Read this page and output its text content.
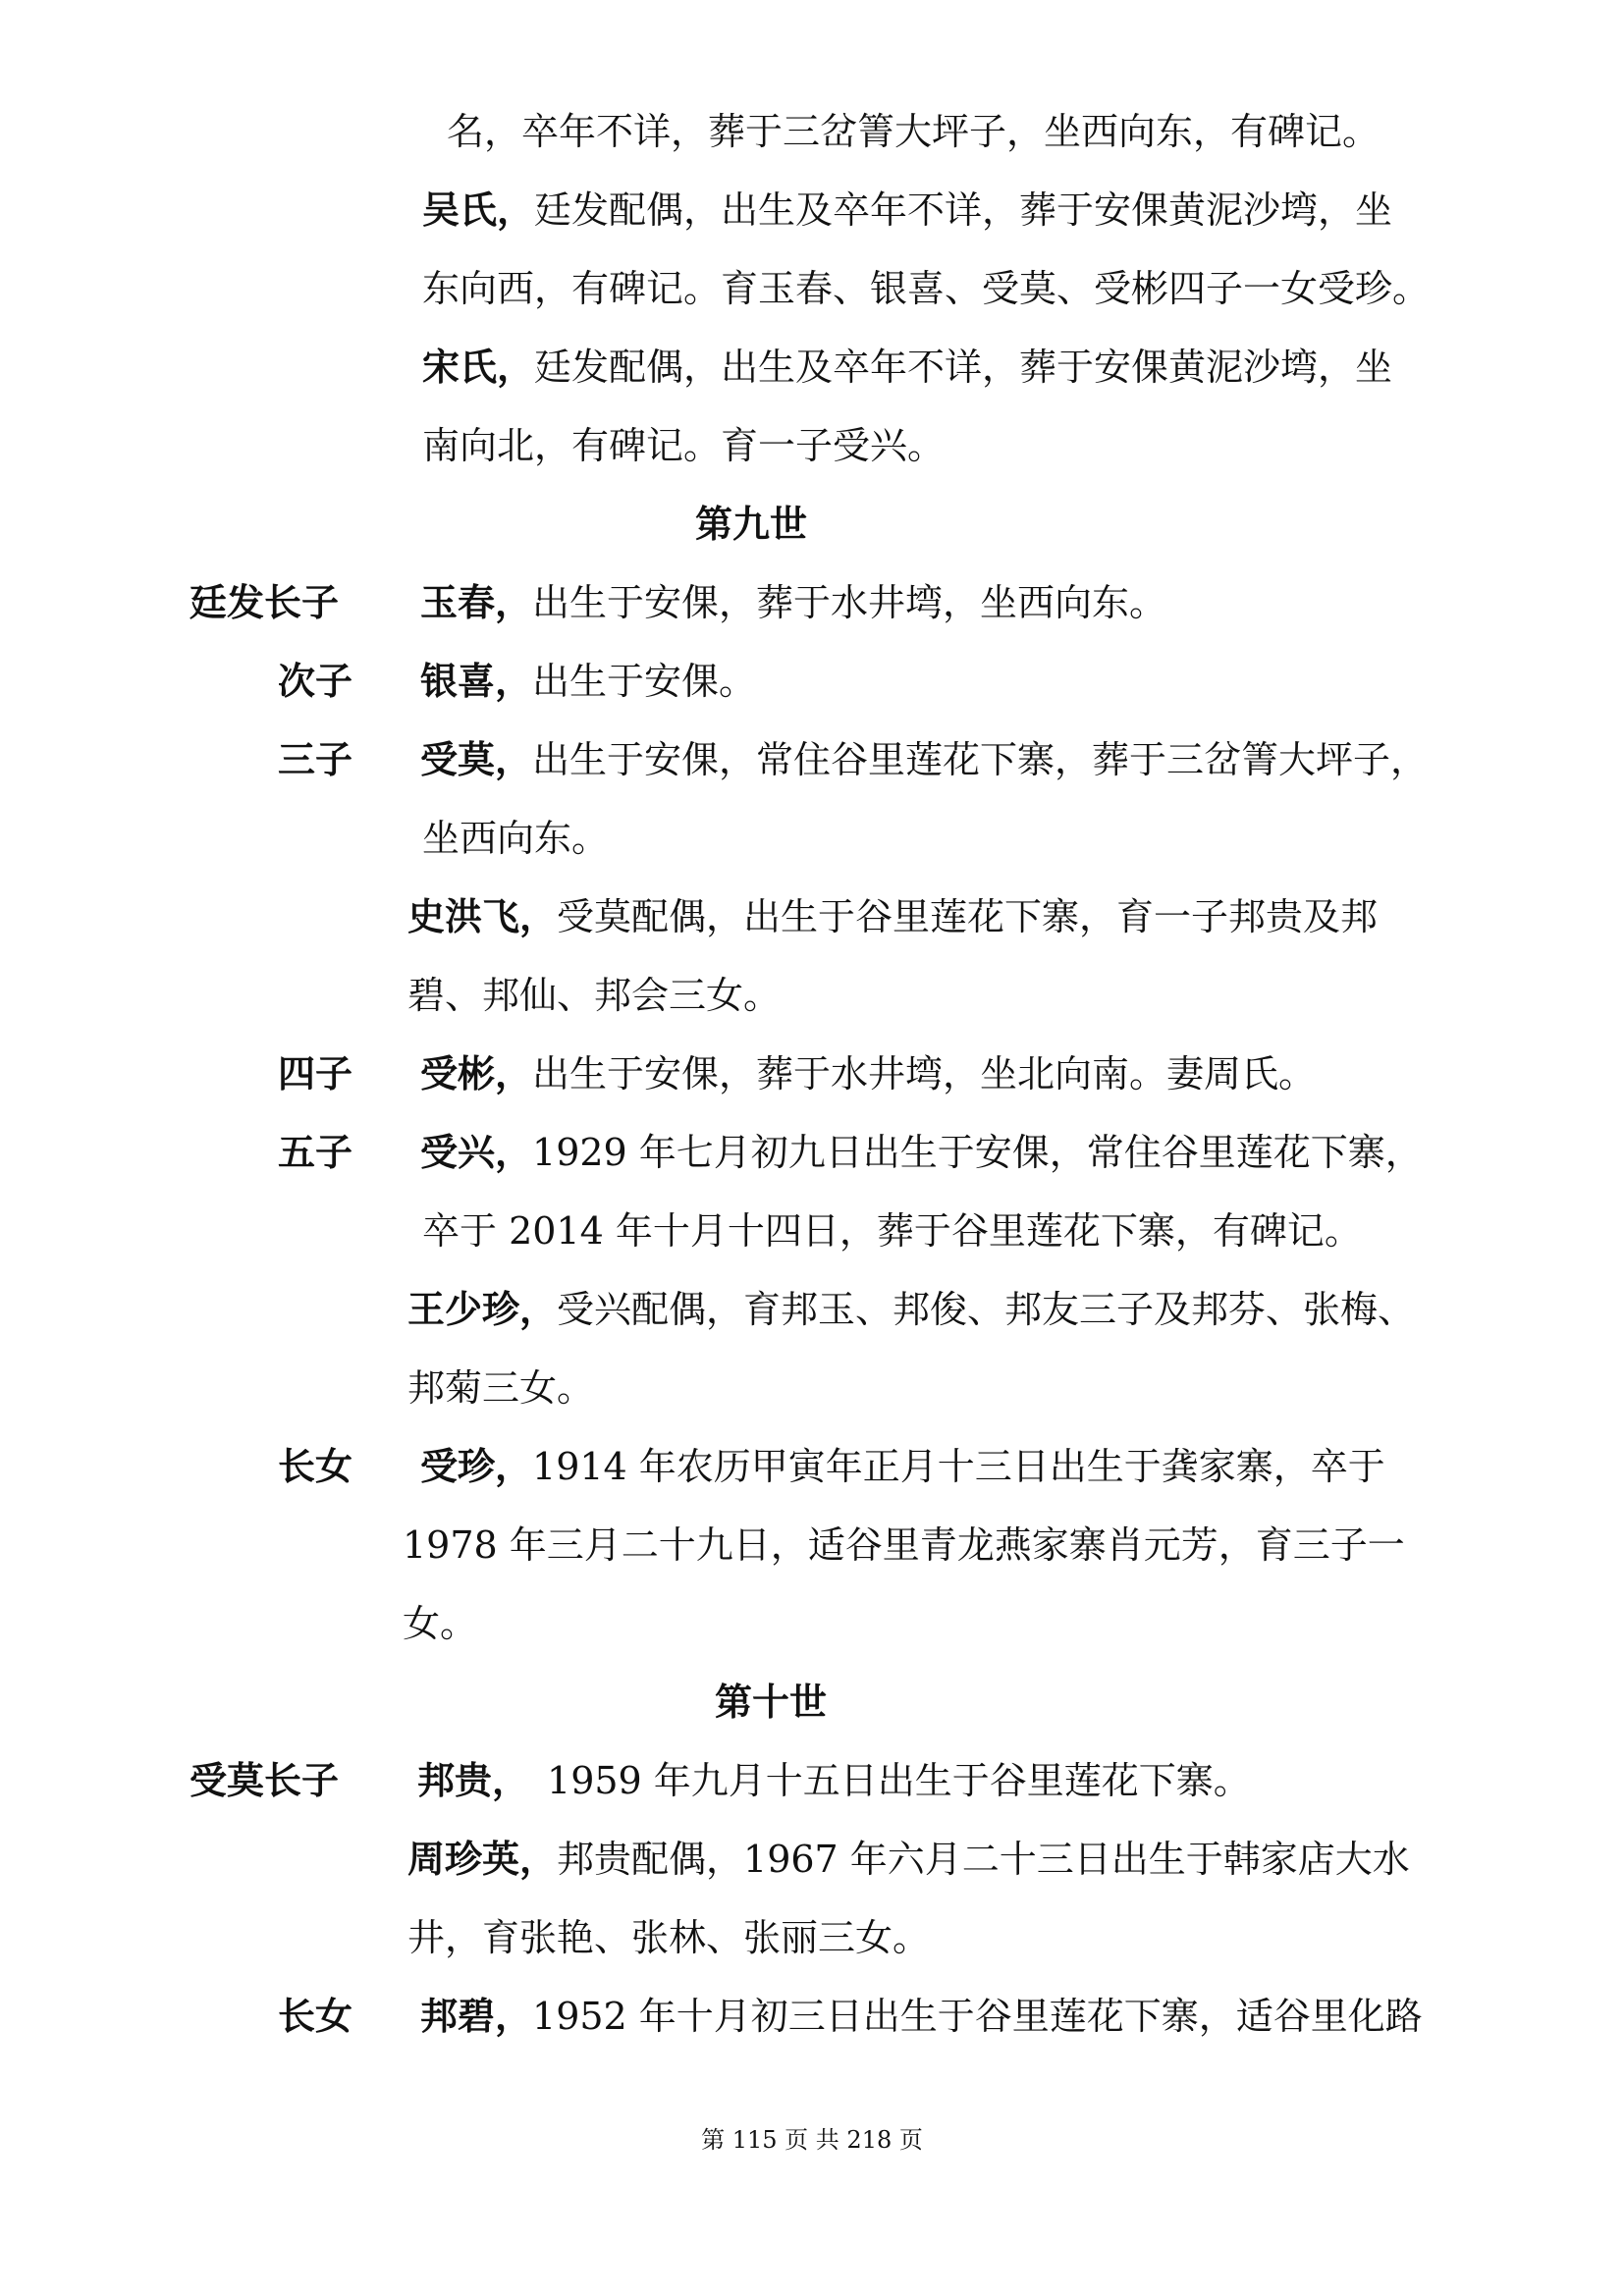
名，卒年不详，葬于三岔箐大坪子，坐西向东，有碑记。
吴氏，廷发配偶，出生及卒年不详，葬于安倮黄泥沙塆，坐
东向西，有碑记。育玉春、银喜、受莫、受彬四子一女受珍。
宋氏，廷发配偶，出生及卒年不详，葬于安倮黄泥沙塆，坐
南向北，有碑记。育一子受兴。
第九世
廷发长子 玉春，出生于安倮，葬于水井塆，坐西向东。
次子 银喜，出生于安倮。
三子 受莫，出生于安倮，常住谷里莲花下寨，葬于三岔箐大坪子，
坐西向东。
史洪飞，受莫配偶，出生于谷里莲花下寨，育一子邦贵及邦
碧、邦仙、邦会三女。
四子 受彬，出生于安倮，葬于水井塆，坐北向南。妻周氏。
五子 受兴，1929 年七月初九日出生于安倮，常住谷里莲花下寨，
卒于 2014 年十月十四日，葬于谷里莲花下寨，有碑记。
王少珍，受兴配偶，育邦玉、邦俊、邦友三子及邦芬、张梅、
邦菊三女。
长女 受珍，1914 年农历甲寅年正月十三日出生于龚家寨，卒于
1978 年三月二十九日，适谷里青龙燕家寨肖元芳，育三子一
女。
第十世
受莫长子 邦贵， 1959 年九月十五日出生于谷里莲花下寨。
周珍英，邦贵配偶，1967 年六月二十三日出生于韩家店大水
井，育张艳、张林、张丽三女。
长女 邦碧，1952 年十月初三日出生于谷里莲花下寨，适谷里化路
第 115 页 共 218 页
